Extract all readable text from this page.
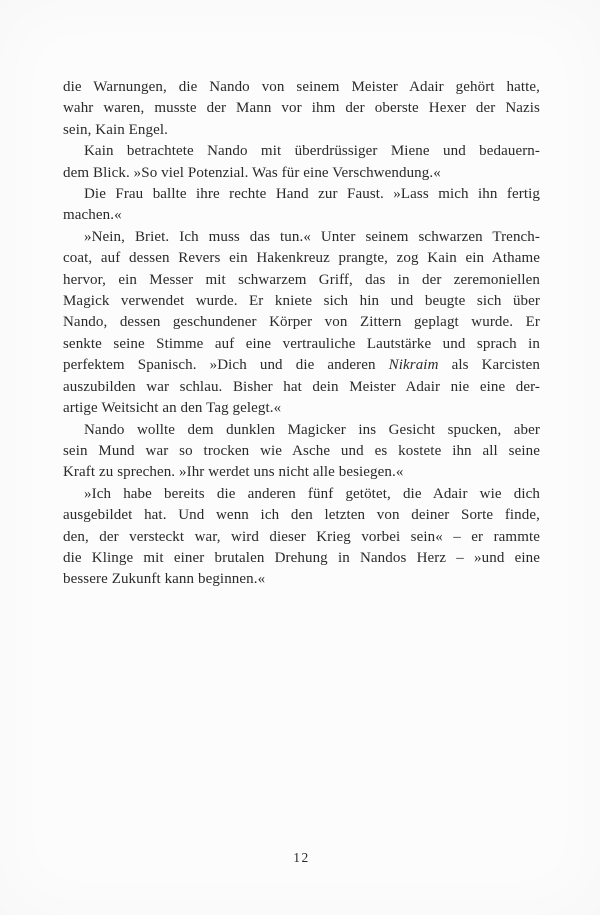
die Warnungen, die Nando von seinem Meister Adair gehört hatte,
wahr waren, musste der Mann vor ihm der oberste Hexer der Nazis
sein, Kain Engel.
Kain betrachtete Nando mit überdrüssiger Miene und bedauern-
dem Blick. »So viel Potenzial. Was für eine Verschwendung.«
Die Frau ballte ihre rechte Hand zur Faust. »Lass mich ihn fertig
machen.«
»Nein, Briet. Ich muss das tun.« Unter seinem schwarzen Trench-
coat, auf dessen Revers ein Hakenkreuz prangte, zog Kain ein Athame
hervor, ein Messer mit schwarzem Griff, das in der zeremoniellen
Magick verwendet wurde. Er kniete sich hin und beugte sich über
Nando, dessen geschundener Körper von Zittern geplagt wurde. Er
senkte seine Stimme auf eine vertrauliche Lautstärke und sprach in
perfektem Spanisch. »Dich und die anderen Nikraim als Karcisten
auszubilden war schlau. Bisher hat dein Meister Adair nie eine der-
artige Weitsicht an den Tag gelegt.«
Nando wollte dem dunklen Magicker ins Gesicht spucken, aber
sein Mund war so trocken wie Asche und es kostete ihn all seine
Kraft zu sprechen. »Ihr werdet uns nicht alle besiegen.«
»Ich habe bereits die anderen fünf getötet, die Adair wie dich
ausgebildet hat. Und wenn ich den letzten von deiner Sorte finde,
den, der versteckt war, wird dieser Krieg vorbei sein« – er rammte
die Klinge mit einer brutalen Drehung in Nandos Herz – »und eine
bessere Zukunft kann beginnen.«
12
